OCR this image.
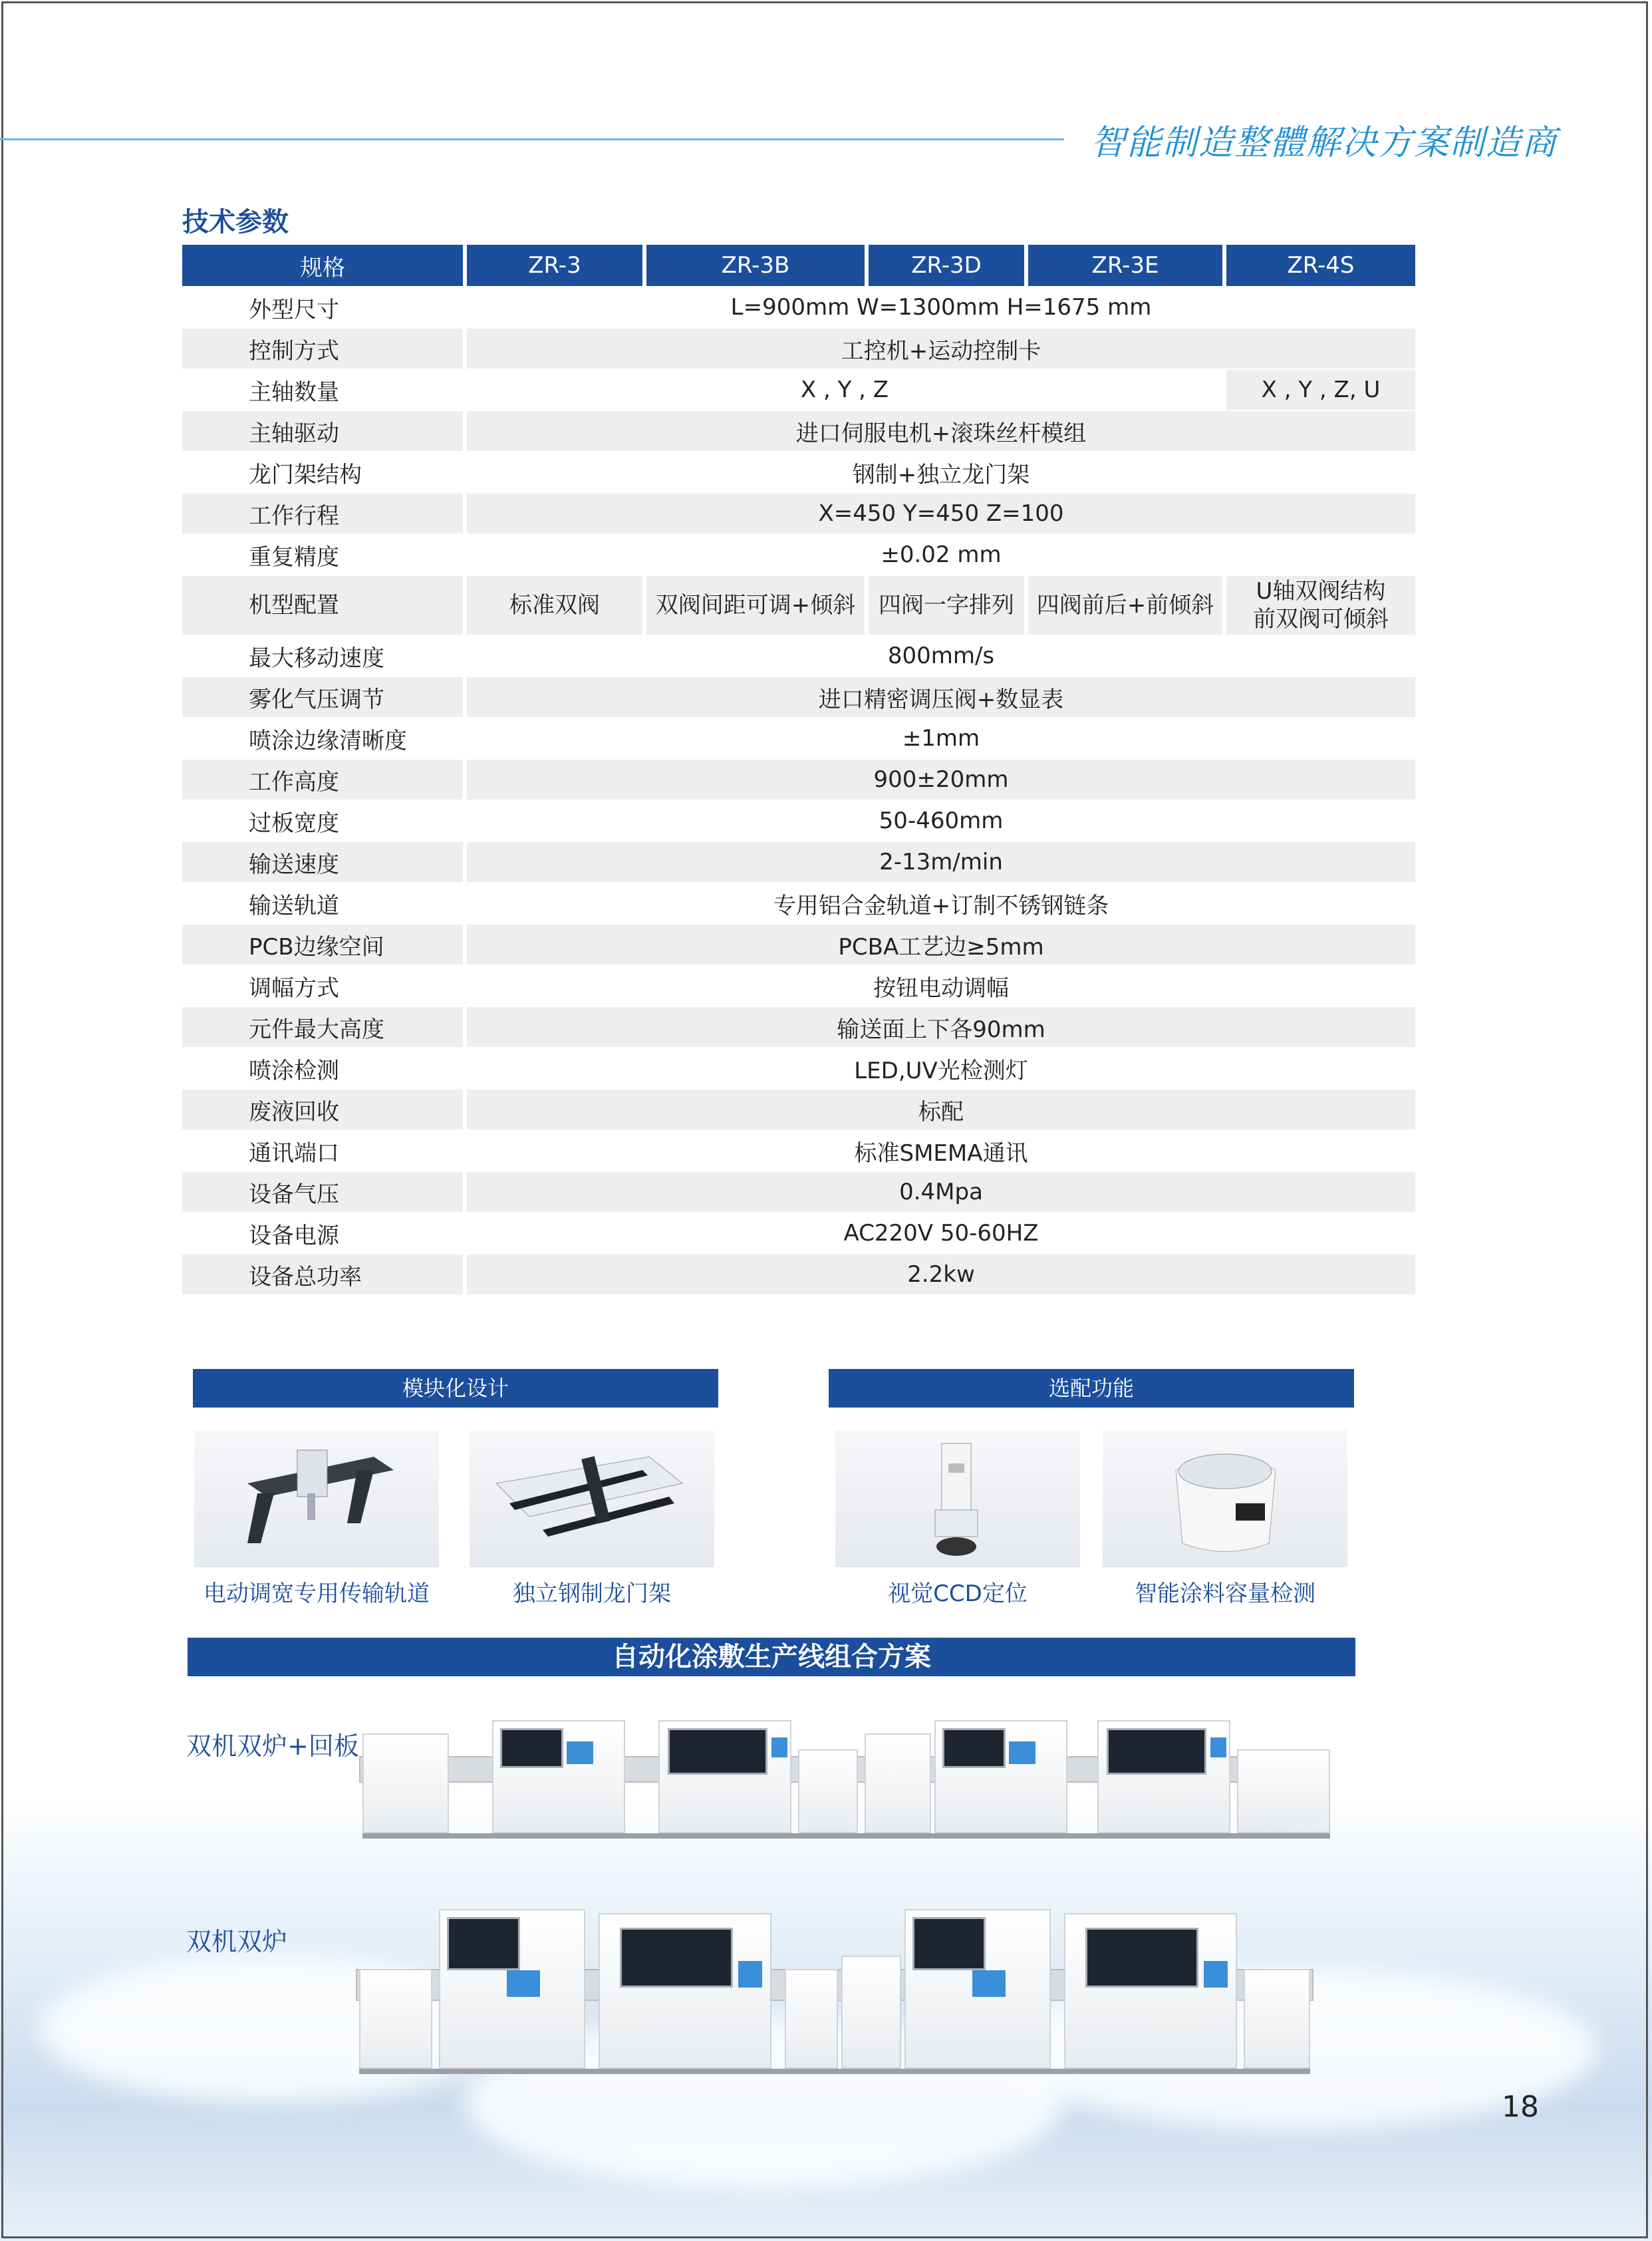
智能制造整體解决方案制造商
技术参数
规格	ZR-3	ZR-3B	ZR-3D	ZR-3E	ZR-4S
外型尺寸	L=900mm W=1300mm H=1675 mm				
控制方式	工控机+运动控制卡				
主轴数量	X , Y , Z				X , Y , Z, U
主轴驱动	进口伺服电机+滚珠丝杆模组				
龙门架结构	钢制+独立龙门架				
工作行程	X=450 Y=450 Z=100				
重复精度	±0.02 mm				
机型配置	标准双阀	双阀间距可调+倾斜	四阀一字排列	四阀前后+前倾斜	U轴双阀结构
前双阀可倾斜

最大移动速度	800mm/s				
雾化气压调节	进口精密调压阀+数显表				
喷涂边缘清晰度	±1mm				
工作高度	900±20mm				
过板宽度	50-460mm				
输送速度	2-13m/min				
输送轨道	专用铝合金轨道+订制不锈钢链条				
PCB边缘空间	PCBA工艺边≥5mm				
调幅方式	按钮电动调幅				
元件最大高度	输送面上下各90mm				
喷涂检测	LED,UV光检测灯				
废液回收	标配				
通讯端口	标准SMEMA通讯				
设备气压	0.4Mpa				
设备电源	AC220V 50-60HZ				
设备总功率	2.2kw				
模块化设计	选配功能
电动调宽专用传输轨道	独立钢制龙门架	视觉CCD定位	智能涂料容量检测
自动化涂敷生产线组合方案
双机双炉+回板
双机双炉
18
